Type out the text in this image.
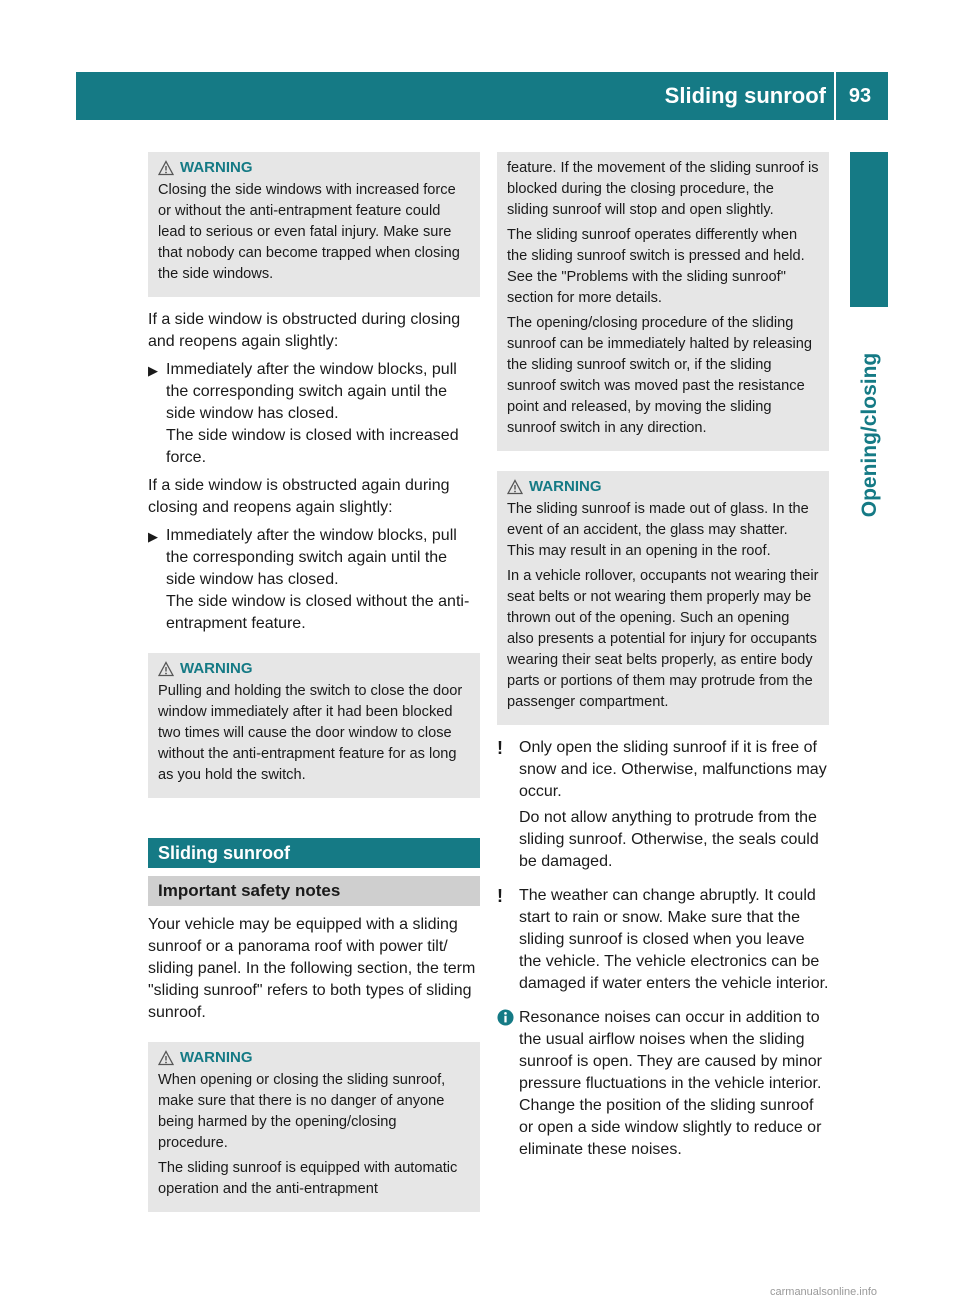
Sliding sunroof	93
Opening/closing
WARNING

Closing the side windows with increased force or without the anti-entrapment feature could lead to serious or even fatal injury. Make sure that nobody can become trapped when closing the side windows.

If a side window is obstructed during closing and reopens again slightly:

▶ Immediately after the window blocks, pull the corresponding switch again until the side window has closed.

The side window is closed with increased force.

If a side window is obstructed again during closing and reopens again slightly:

▶ Immediately after the window blocks, pull the corresponding switch again until the side window has closed.

The side window is closed without the anti-entrapment feature.

WARNING

Pulling and holding the switch to close the door window immediately after it had been blocked two times will cause the door window to close without the anti-entrapment feature for as long as you hold the switch.

Sliding sunroof
Important safety notes

Your vehicle may be equipped with a sliding sunroof or a panorama roof with power tilt/ sliding panel. In the following section, the term "sliding sunroof" refers to both types of sliding sunroof.

WARNING

When opening or closing the sliding sunroof, make sure that there is no danger of anyone being harmed by the opening/closing procedure.

The sliding sunroof is equipped with automatic operation and the anti-entrapment

feature. If the movement of the sliding sunroof is blocked during the closing procedure, the sliding sunroof will stop and open slightly.

The sliding sunroof operates differently when the sliding sunroof switch is pressed and held. See the "Problems with the sliding sunroof" section for more details.

The opening/closing procedure of the sliding sunroof can be immediately halted by releasing the sliding sunroof switch or, if the sliding sunroof switch was moved past the resistance point and released, by moving the sliding sunroof switch in any direction.

WARNING

The sliding sunroof is made out of glass. In the event of an accident, the glass may shatter. This may result in an opening in the roof.

In a vehicle rollover, occupants not wearing their seat belts or not wearing them properly may be thrown out of the opening. Such an opening also presents a potential for injury for occupants wearing their seat belts properly, as entire body parts or portions of them may protrude from the passenger compartment.

!	Only open the sliding sunroof if it is free of snow and ice. Otherwise, malfunctions may occur.

Do not allow anything to protrude from the sliding sunroof. Otherwise, the seals could be damaged.

!	The weather can change abruptly. It could start to rain or snow. Make sure that the sliding sunroof is closed when you leave the vehicle. The vehicle electronics can be damaged if water enters the vehicle interior.

Resonance noises can occur in addition to the usual airflow noises when the sliding sunroof is open. They are caused by minor pressure fluctuations in the vehicle interior. Change the position of the sliding sunroof or open a side window slightly to reduce or eliminate these noises.

carmanualsonline.info
